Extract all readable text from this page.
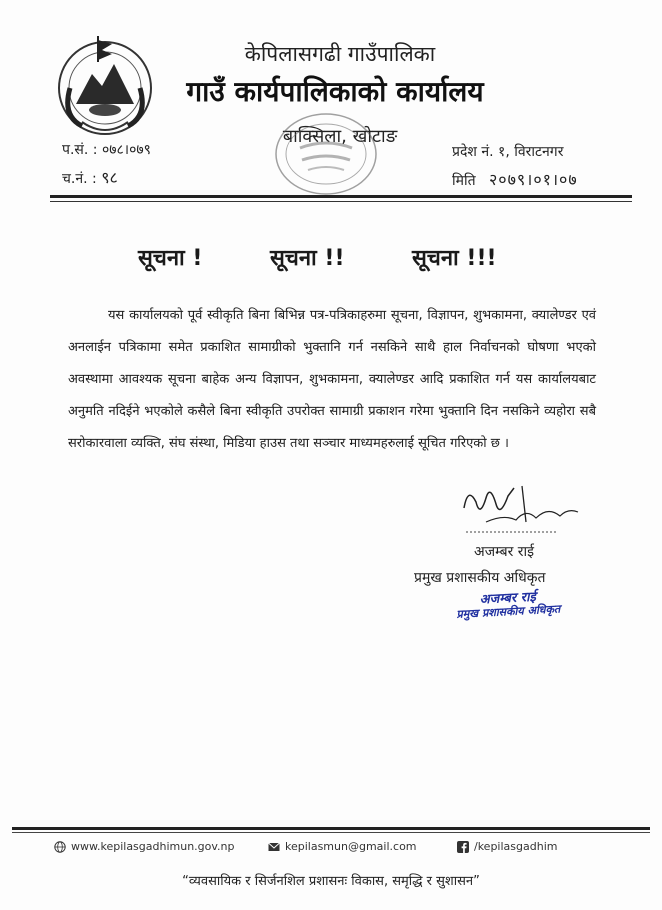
केपिलासगढी गाउँपालिका
गाउँ कार्यपालिकाको कार्यालय
बाक्सिला, खोटाङ
प.सं. : ०७८।०७९
च.नं. : ९८
प्रदेश नं. १, विराटनगर
मिति २०७९।०१।०७
सूचना !	सूचना !!	सूचना !!!
यस कार्यालयको पूर्व स्वीकृति बिना बिभिन्न पत्र-पत्रिकाहरुमा सूचना, विज्ञापन, शुभकामना, क्यालेण्डर एवं अनलाईन पत्रिकामा समेत प्रकाशित सामाग्रीको भुक्तानि गर्न नसकिने साथै हाल निर्वाचनको घोषणा भएको अवस्थामा आवश्यक सूचना बाहेक अन्य विज्ञापन, शुभकामना, क्यालेण्डर आदि प्रकाशित गर्न यस कार्यालयबाट अनुमति नदिईने भएकोले कसैले बिना स्वीकृति उपरोक्त सामाग्री प्रकाशन गरेमा भुक्तानि दिन नसकिने व्यहोरा सबै सरोकारवाला व्यक्ति, संघ संस्था, मिडिया हाउस तथा सञ्चार माध्यमहरुलाई सूचित गरिएको छ ।
अजम्बर राई
प्रमुख प्रशासकीय अधिकृत
अजम्बर राई
प्रमुख प्रशासकीय अधिकृत
www.kepilasgadhimun.gov.np	kepilasmun@gmail.com	/kepilasgadhim
“व्यवसायिक र सिर्जनशिल प्रशासनः विकास, समृद्धि र सुशासन”
